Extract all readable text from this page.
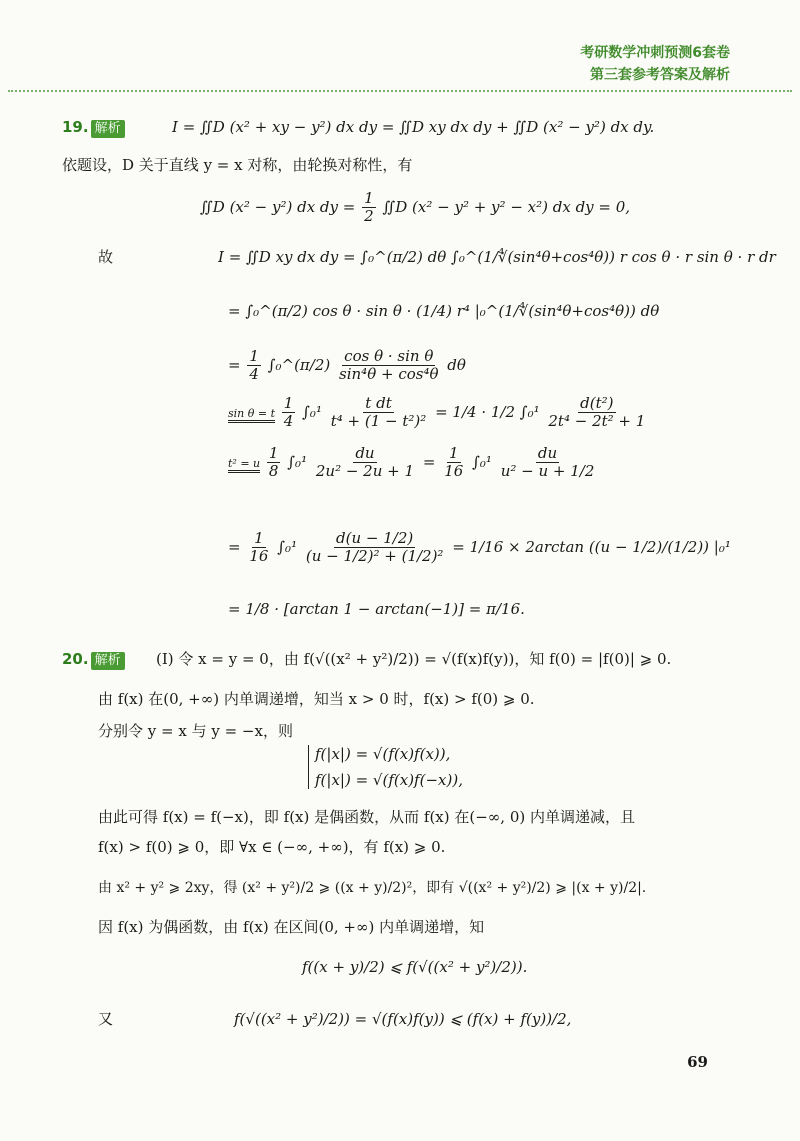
考研数学冲刺预测6套卷
第三套参考答案及解析
19. 解析	I = ∬D (x² + xy − y²) dx dy = ∬D xy dx dy + ∬D (x² − y²) dx dy.
依题设，D 关于直线 y = x 对称，由轮换对称性，有
∬D (x² − y²) dx dy = $\frac{1}{2}$ ∬D (x² − y² + y² − x²) dx dy = 0,
故	I = ∬D xy dx dy = ∫₀^(π/2) dθ ∫₀^(1/∜(sin⁴θ+cos⁴θ)) r cos θ · r sin θ · r dr
= ∫₀^(π/2) cos θ · sin θ · (1/4) r⁴ |₀^(1/∜(sin⁴θ+cos⁴θ)) dθ
= $\frac{1}{4}$ ∫₀^(π/2) $\frac{\text{cos θ · sin θ}}{\text{sin⁴θ + cos⁴θ}}$ dθ
sin θ = t $\frac{1}{4} \int_0^1 \frac{\text{t dt}}{\text{t⁴ + (1 − t²)²}} = 1/4 \cdot 1/2$ $\int_0^1 \frac{\text{d(t²)}}{\text{2t⁴ − 2t² + 1}}$
t² = u $\frac{1}{8} \int_0^1 \frac{du}{\text{2u² − 2u + 1}} = \frac{1}{16} \int_0^1 \frac{du}{\text{u² − u + 1/2}}$
= $\frac{1}{16} \int_0^1 \frac{d(u - 1/2)}{\text{(u − 1/2)² + (1/2)²}} = 1/16 \times 2\arctan$ ((u − 1/2)/(1/2)) |₀¹
= 1/8 · [arctan 1 − arctan(−1)] = π/16.
20. 解析 (Ⅰ) 令 x = y = 0，由 f(√((x² + y²)/2)) = √(f(x)f(y))，知 f(0) = |f(0)| ⩾ 0.
由 f(x) 在(0, +∞) 内单调递增，知当 x > 0 时，f(x) > f(0) ⩾ 0.
分别令 y = x 与 y = −x，则
f(|x|) = √(f(x)f(x)),
f(|x|) = √(f(x)f(−x)),
由此可得 f(x) = f(−x)，即 f(x) 是偶函数，从而 f(x) 在(−∞, 0) 内单调递减，且
f(x) > f(0) ⩾ 0，即 ∀x ∈ (−∞, +∞)，有 f(x) ⩾ 0.
由 x² + y² ⩾ 2xy，得 (x² + y²)/2 ⩾ ((x + y)/2)²，即有 √((x² + y²)/2) ⩾ |(x + y)/2|.
因 f(x) 为偶函数，由 f(x) 在区间(0, +∞) 内单调递增，知
f((x + y)/2) ⩽ f(√((x² + y²)/2)).
又	f(√((x² + y²)/2)) = √(f(x)f(y)) ⩽ (f(x) + f(y))/2,
69
